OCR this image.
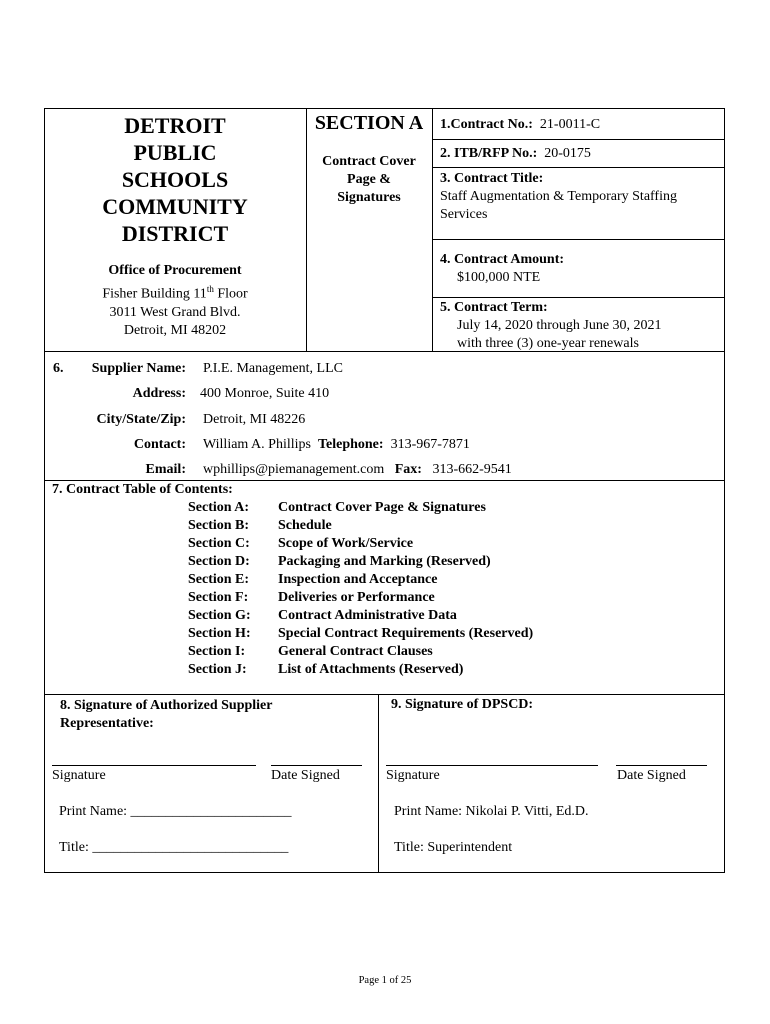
DETROIT
PUBLIC
SCHOOLS
COMMUNITY
DISTRICT
Office of Procurement
Fisher Building 11th Floor
3011 West Grand Blvd.
Detroit, MI 48202
SECTION A
Contract Cover
Page &
Signatures
1.Contract No.: 21-0011-C
2. ITB/RFP No.: 20-0175
3. Contract Title:
Staff Augmentation & Temporary Staffing
Services
4. Contract Amount:
$100,000 NTE
5. Contract Term:
July 14, 2020 through June 30, 2021
with three (3) one-year renewals
6.	Supplier Name: P.I.E. Management, LLC
Address: 400 Monroe, Suite 410
City/State/Zip: Detroit, MI 48226
Contact: William A. Phillips Telephone: 313-967-7871
Email: wphillips@piemanagement.com Fax: 313-662-9541
7. Contract Table of Contents:
Section A: Contract Cover Page & Signatures
Section B: Schedule
Section C: Scope of Work/Service
Section D: Packaging and Marking (Reserved)
Section E: Inspection and Acceptance
Section F: Deliveries or Performance
Section G: Contract Administrative Data
Section H: Special Contract Requirements (Reserved)
Section I: General Contract Clauses
Section J: List of Attachments (Reserved)
8. Signature of Authorized Supplier
Representative:
9. Signature of DPSCD:
Signature	Date Signed	Signature	Date Signed
Print Name: _______________________
Title: ____________________________
Print Name: Nikolai P. Vitti, Ed.D.
Title: Superintendent
Page 1 of 25
